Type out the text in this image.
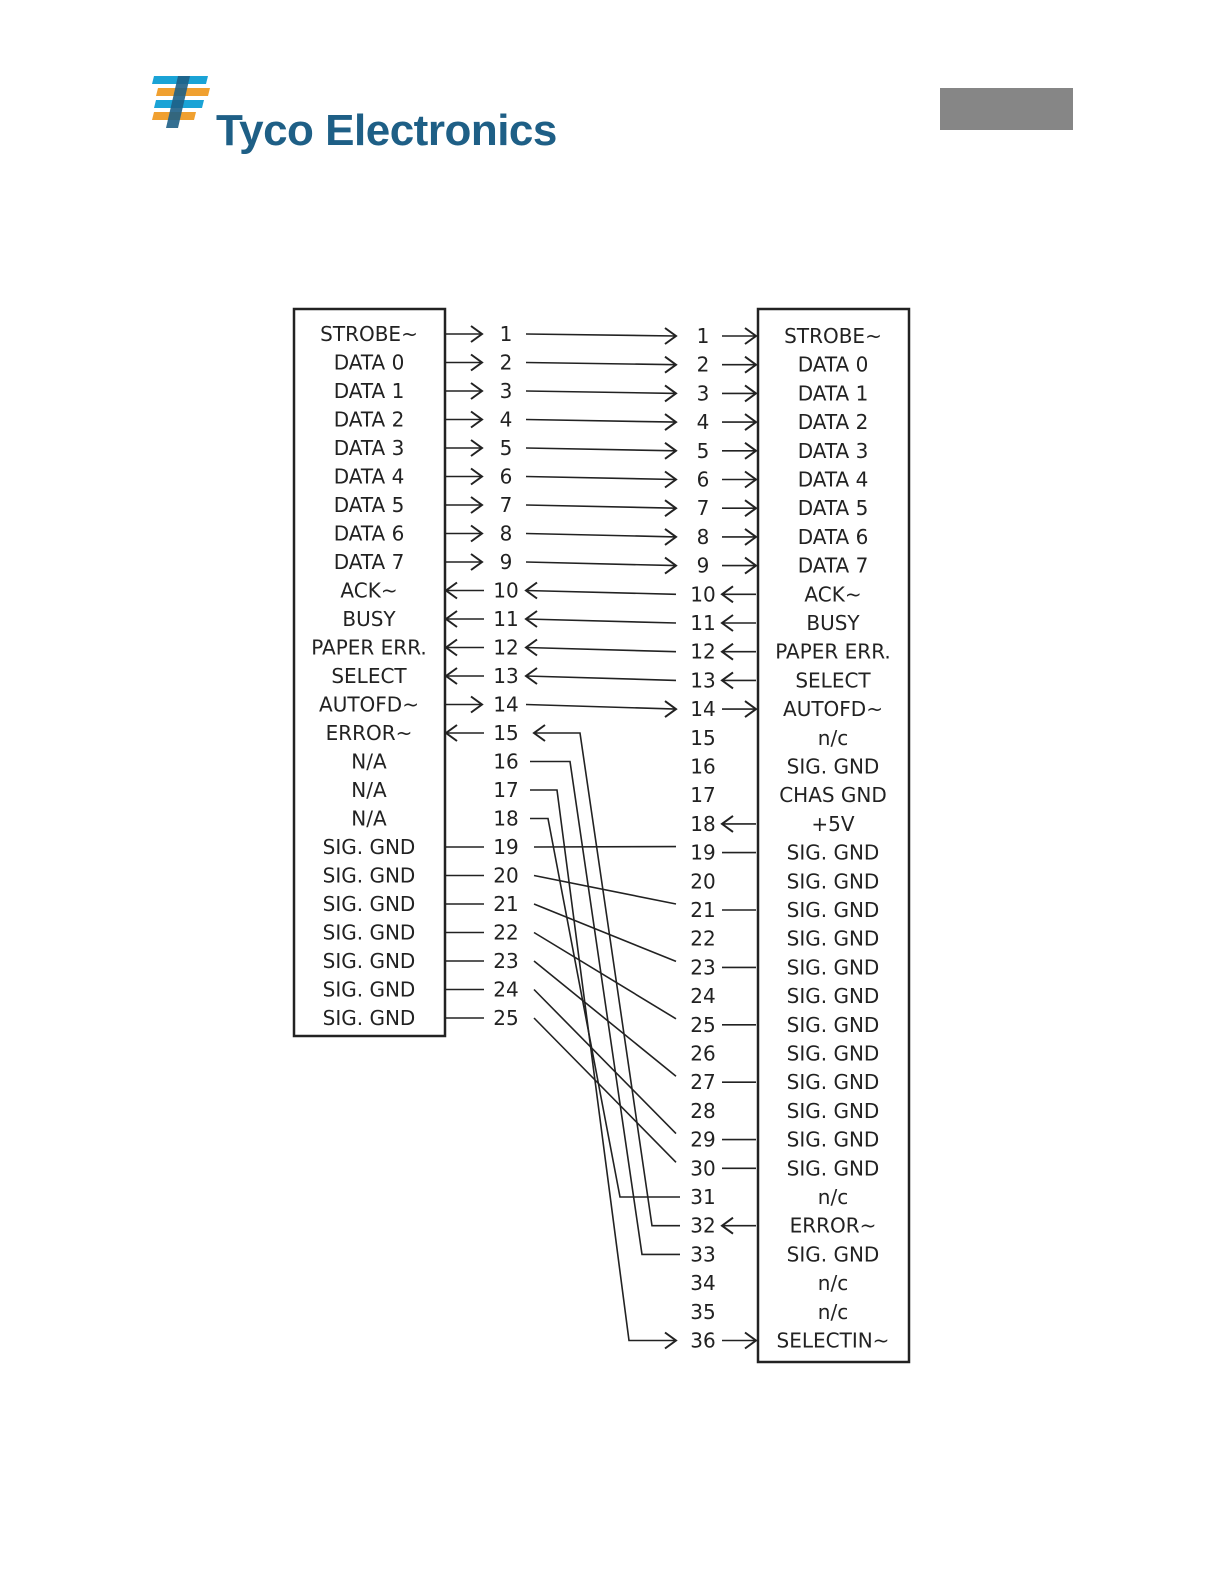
Tyco Electronics
STROBE~
DATA 0
DATA 1
DATA 2
DATA 3
DATA 4
DATA 5
DATA 6
DATA 7
ACK~
BUSY
PAPER ERR.
SELECT
AUTOFD~
ERROR~
N/A
N/A
N/A
SIG. GND
SIG. GND
SIG. GND
SIG. GND
SIG. GND
SIG. GND
SIG. GND
1
2
3
4
5
6
7
8
9
10
11
12
13
14
15
16
17
18
19
20
21
22
23
24
25
STROBE~
DATA 0
DATA 1
DATA 2
DATA 3
DATA 4
DATA 5
DATA 6
DATA 7
ACK~
BUSY
PAPER ERR.
SELECT
AUTOFD~
n/c
SIG. GND
CHAS GND
+5V
SIG. GND
SIG. GND
SIG. GND
SIG. GND
SIG. GND
SIG. GND
SIG. GND
SIG. GND
SIG. GND
SIG. GND
SIG. GND
SIG. GND
n/c
ERROR~
SIG. GND
n/c
n/c
SELECTIN~
1
2
3
4
5
6
7
8
9
10
11
12
13
14
15
16
17
18
19
20
21
22
23
24
25
26
27
28
29
30
31
32
33
34
35
36
